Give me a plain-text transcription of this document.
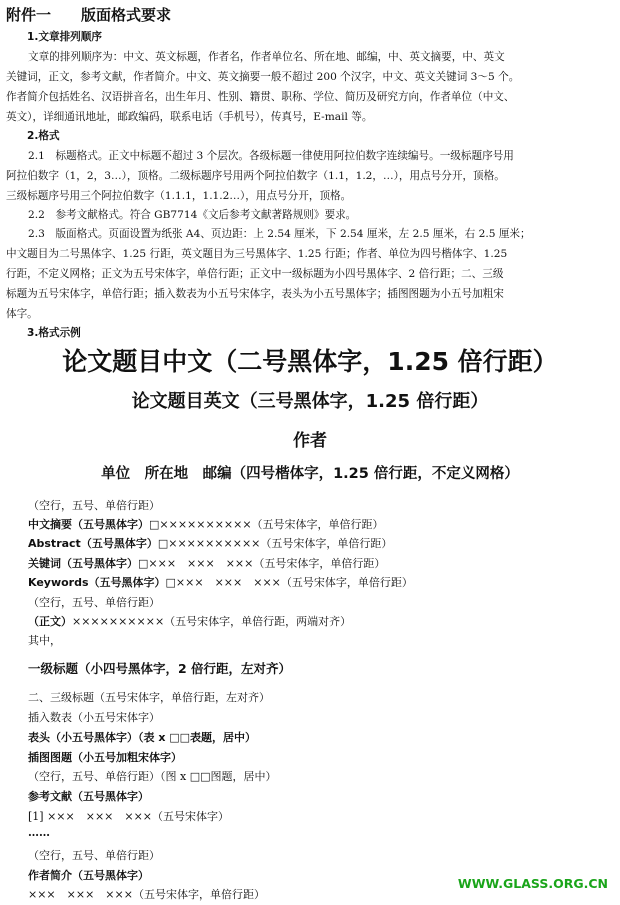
附件一　　版面格式要求
1.文章排列顺序
文章的排列顺序为：中文、英文标题，作者名，作者单位名、所在地、邮编，中、英文摘要，中、英文
关键词，正文，参考文献，作者简介。中文、英文摘要一般不超过 200 个汉字，中文、英文关键词 3～5 个。
作者简介包括姓名、汉语拼音名，出生年月、性别、籍贯、职称、学位、简历及研究方向，作者单位（中文、
英文），详细通讯地址，邮政编码，联系电话（手机号），传真号，E-mail 等。
2.格式
2.1　标题格式。正文中标题不超过 3 个层次。各级标题一律使用阿拉伯数字连续编号。一级标题序号用
阿拉伯数字（1，2，3…），顶格。二级标题序号用两个阿拉伯数字（1.1，1.2，…），用点号分开，顶格。
三级标题序号用三个阿拉伯数字（1.1.1，1.1.2…），用点号分开，顶格。
2.2　参考文献格式。符合 GB7714《文后参考文献著路规则》要求。
2.3　版面格式。页面设置为纸张 A4、页边距：上 2.54 厘米，下 2.54 厘米，左 2.5 厘米，右 2.5 厘米；
中文题目为二号黑体字、1.25 行距，英文题目为三号黑体字、1.25 行距；作者、单位为四号楷体字、1.25
行距，不定义网格；正文为五号宋体字，单倍行距；正文中一级标题为小四号黑体字、2 倍行距；二、三级
标题为五号宋体字，单倍行距；插入数表为小五号宋体字，表头为小五号黑体字；插图图题为小五号加粗宋
体字。
3.格式示例
论文题目中文（二号黑体字，1.25 倍行距）
论文题目英文（三号黑体字，1.25 倍行距）
作者
单位　所在地　邮编（四号楷体字，1.25 倍行距，不定义网格）
（空行，五号、单倍行距）
中文摘要（五号黑体字）□××××××××××（五号宋体字，单倍行距）
Abstract（五号黑体字）□××××××××××（五号宋体字，单倍行距）
关键词（五号黑体字）□×××　×××　×××（五号宋体字，单倍行距）
Keywords（五号黑体字）□×××　×××　×××（五号宋体字，单倍行距）
（空行，五号、单倍行距）
（正文）××××××××××（五号宋体字，单倍行距，两端对齐）
其中，
一级标题（小四号黑体字，2 倍行距，左对齐）
二、三级标题（五号宋体字，单倍行距，左对齐）
插入数表（小五号宋体字）
表头（小五号黑体字）（表 x □□表题，居中）
插图图题（小五号加粗宋体字）
（空行，五号、单倍行距）（图 x □□图题，居中）
参考文献（五号黑体字）
[1] ×××　×××　×××（五号宋体字）
……
（空行，五号、单倍行距）
作者简介（五号黑体字）
×××　×××　×××（五号宋体字，单倍行距）
WWW.GLASS.ORG.CN
